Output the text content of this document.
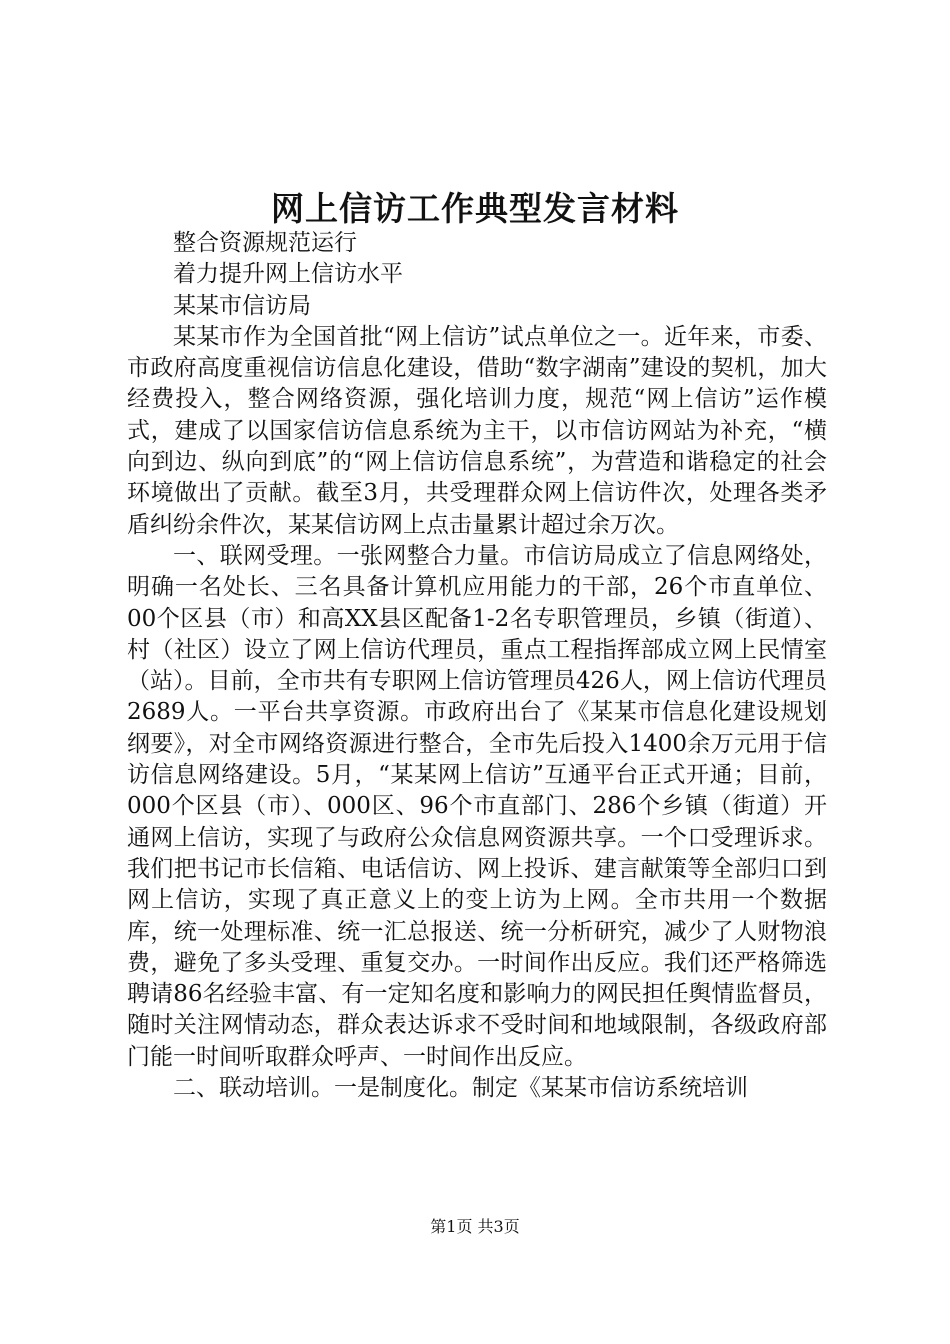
网上信访工作典型发言材料

整合资源规范运行

着力提升网上信访水平

某某市信访局

某某市作为全国首批“网上信访”试点单位之一。近年来，市委、市政府高度重视信访信息化建设，借助“数字湖南”建设的契机，加大经费投入，整合网络资源，强化培训力度，规范“网上信访”运作模式，建成了以国家信访信息系统为主干，以市信访网站为补充，“横向到边、纵向到底”的“网上信访信息系统”，为营造和谐稳定的社会环境做出了贡献。截至3月，共受理群众网上信访件次，处理各类矛盾纠纷余件次，某某信访网上点击量累计超过余万次。

一、联网受理。一张网整合力量。市信访局成立了信息网络处，明确一名处长、三名具备计算机应用能力的干部，26个市直单位、00个区县（市）和高XX县区配备1-2名专职管理员，乡镇（街道）、村（社区）设立了网上信访代理员，重点工程指挥部成立网上民情室（站）。目前，全市共有专职网上信访管理员426人，网上信访代理员2689人。一平台共享资源。市政府出台了《某某市信息化建设规划纲要》，对全市网络资源进行整合，全市先后投入1400余万元用于信访信息网络建设。5月，“某某网上信访”互通平台正式开通；目前，000个区县（市）、000区、96个市直部门、286个乡镇（街道）开通网上信访，实现了与政府公众信息网资源共享。一个口受理诉求。我们把书记市长信箱、电话信访、网上投诉、建言献策等全部归口到网上信访，实现了真正意义上的变上访为上网。全市共用一个数据库，统一处理标准、统一汇总报送、统一分析研究，减少了人财物浪费，避免了多头受理、重复交办。一时间作出反应。我们还严格筛选聘请86名经验丰富、有一定知名度和影响力的网民担任舆情监督员，随时关注网情动态，群众表达诉求不受时间和地域限制，各级政府部门能一时间听取群众呼声、一时间作出反应。

二、联动培训。一是制度化。制定《某某市信访系统培训

第1页 共3页
